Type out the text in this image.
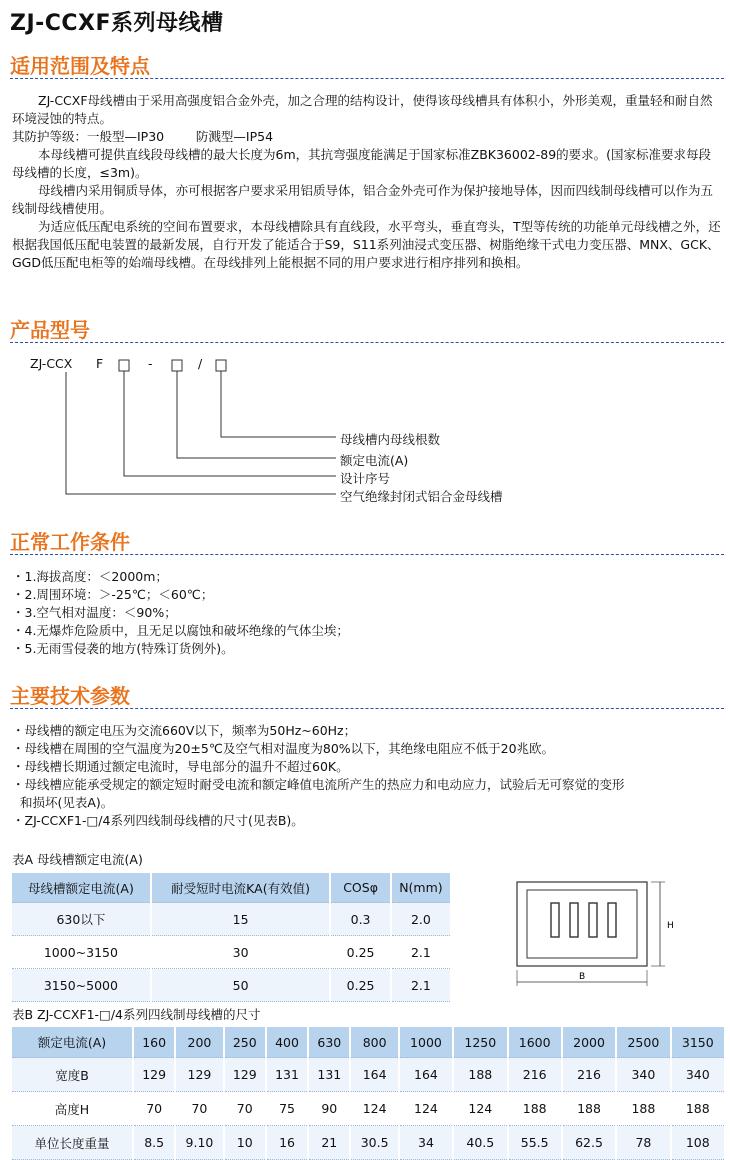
ZJ-CCXF系列母线槽
适用范围及特点

ZJ-CCXF母线槽由于采用高强度铝合金外壳，加之合理的结构设计，使得该母线槽具有体积小，外形美观，重量轻和耐自然环境浸蚀的特点。

其防护等级：一般型—IP30        防溅型—IP54

本母线槽可提供直线段母线槽的最大长度为6m，其抗弯强度能满足于国家标准ZBK36002-89的要求。(国家标准要求每段母线槽的长度，≤3m)。

母线槽内采用铜质导体，亦可根据客户要求采用铝质导体，铝合金外壳可作为保护接地导体，因而四线制母线槽可以作为五线制母线槽使用。

为适应低压配电系统的空间布置要求，本母线槽除具有直线段，水平弯头，垂直弯头，T型等传统的功能单元母线槽之外，还根据我国低压配电装置的最新发展，自行开发了能适合于S9，S11系列油浸式变压器、树脂绝缘干式电力变压器、MNX、GCK、GGD低压配电柜等的始端母线槽。在母线排列上能根据不同的用户要求进行相序排列和换相。

产品型号
ZJ-CCX F	-	/
母线槽内母线根数
额定电流(A)
设计序号
空气绝缘封闭式铝合金母线槽
正常工作条件
・1.海拔高度：＜2000m；
・2.周围环境：＞-25℃；＜60℃；
・3.空气相对温度：＜90%；
・4.无爆炸危险质中，且无足以腐蚀和破坏绝缘的气体尘埃；
・5.无雨雪侵袭的地方(特殊订货例外)。
主要技术参数
・母线槽的额定电压为交流660V以下，频率为50Hz~60Hz；
・母线槽在周围的空气温度为20±5℃及空气相对温度为80%以下，其绝缘电阻应不低于20兆欧。
・母线槽长期通过额定电流时，导电部分的温升不超过60K。
・母线槽应能承受规定的额定短时耐受电流和额定峰值电流所产生的热应力和电动应力，试验后无可察觉的变形
和损坏(见表A)。
・ZJ-CCXF1-□/4系列四线制母线槽的尺寸(见表B)。
表A 母线槽额定电流(A)
母线槽额定电流(A)	耐受短时电流KA(有效值)	COSφ	N(mm)
630以下	15	0.3	2.0
1000~3150	30	0.25	2.1
3150~5000	50	0.25	2.1
H
B
表B ZJ-CCXF1-□/4系列四线制母线槽的尺寸
额定电流(A)	160	200	250	400	630	800	1000	1250	1600	2000	2500	3150
宽度B	129	129	129	131	131	164	164	188	216	216	340	340
高度H	70	70	70	75	90	124	124	124	188	188	188	188
单位长度重量	8.5	9.10	10	16	21	30.5	34	40.5	55.5	62.5	78	108
